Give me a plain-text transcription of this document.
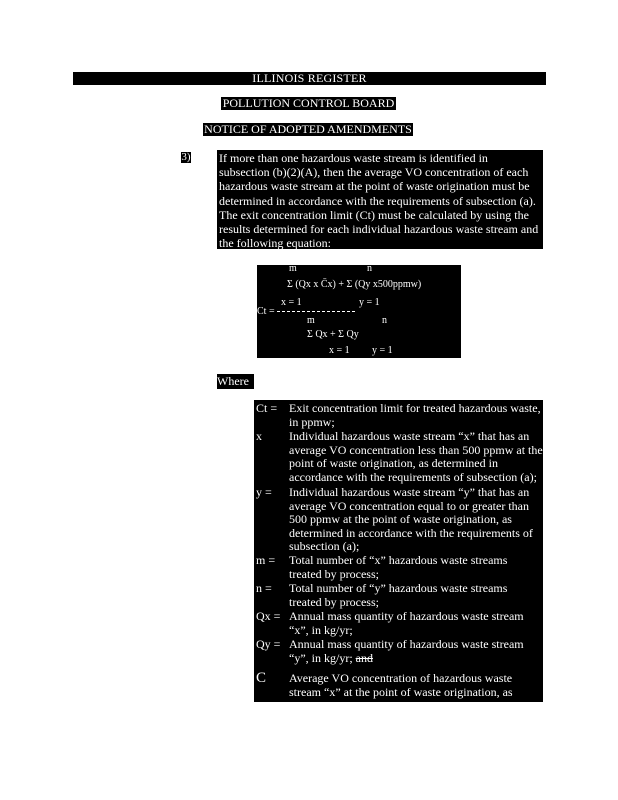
ILLINOIS REGISTER
POLLUTION CONTROL BOARD
NOTICE OF ADOPTED AMENDMENTS
3) If more than one hazardous waste stream is identified in subsection (b)(2)(A), then the average VO concentration of each hazardous waste stream at the point of waste origination must be determined in accordance with the requirements of subsection (a). The exit concentration limit (Ct) must be calculated by using the results determined for each individual hazardous waste stream and the following equation:
m	n
Σ (Qx x C̄x) + Σ (Qy x500ppmw)
x = 1	y = 1
Ct =
m	n
Σ Qx + Σ Qy
x = 1 y = 1
Where
Ct = Exit concentration limit for treated hazardous waste, in ppmw;
x	Individual hazardous waste stream “x” that has an average VO concentration less than 500 ppmw at the point of waste origination, as determined in accordance with the requirements of subsection (a);
y =	Individual hazardous waste stream “y” that has an average VO concentration equal to or greater than 500 ppmw at the point of waste origination, as determined in accordance with the requirements of subsection (a);
m =	Total number of “x” hazardous waste streams treated by process;
n =	Total number of “y” hazardous waste streams treated by process;
Qx = Annual mass quantity of hazardous waste stream “x”, in kg/yr;
Qy = Annual mass quantity of hazardous waste stream “y”, in kg/yr; and
C	Average VO concentration of hazardous waste stream “x” at the point of waste origination, as
